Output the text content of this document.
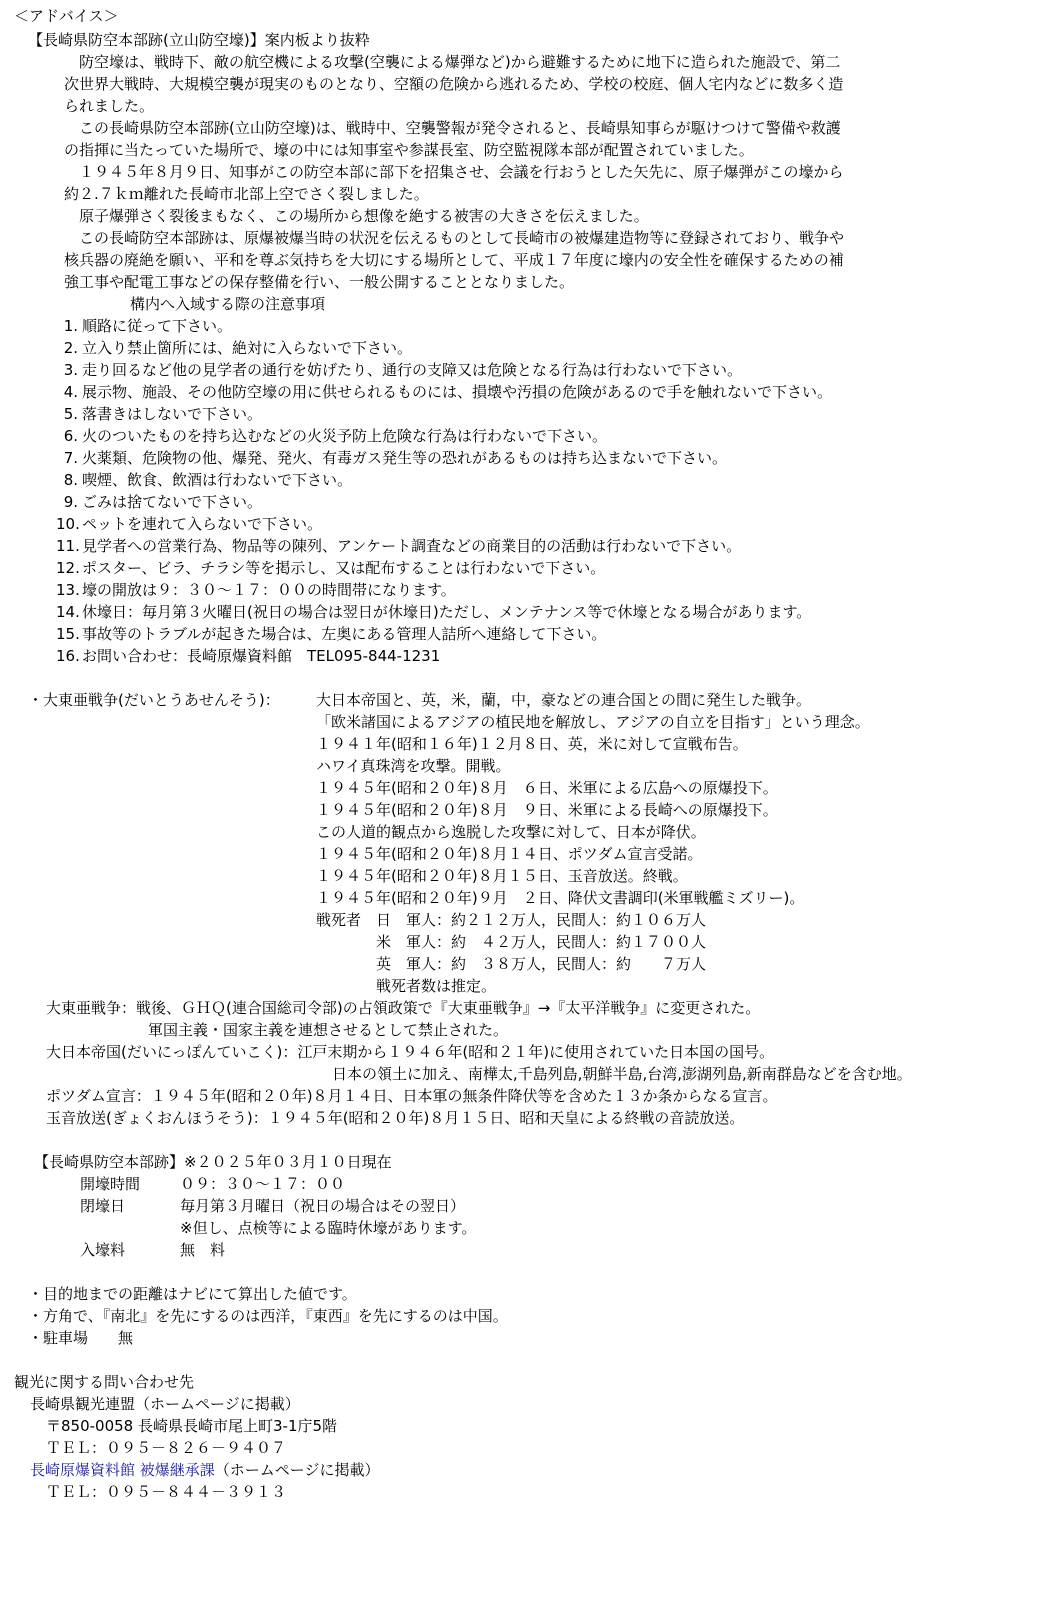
＜アドバイス＞
【長崎県防空本部跡(立山防空壕)】案内板より抜粋
　防空壕は、戦時下、敵の航空機による攻撃(空襲による爆弾など)から避難するために地下に造られた施設で、第二
次世界大戦時、大規模空襲が現実のものとなり、空額の危険から逃れるため、学校の校庭、個人宅内などに数多く造
られました。
　この長崎県防空本部跡(立山防空壕)は、戦時中、空襲警報が発令されると、長崎県知事らが駆けつけて警備や救護
の指揮に当たっていた場所で、壕の中には知事室や参謀長室、防空監視隊本部が配置されていました。
　１９４５年８月９日、知事がこの防空本部に部下を招集させ、会議を行おうとした矢先に、原子爆弾がこの壕から
約２.７ｋｍ離れた長崎市北部上空でさく裂しました。
　原子爆弾さく裂後まもなく、この場所から想像を絶する被害の大きさを伝えました。
　この長崎防空本部跡は、原爆被爆当時の状況を伝えるものとして長崎市の被爆建造物等に登録されており、戦争や
核兵器の廃絶を願い、平和を尊ぶ気持ちを大切にする場所として、平成１７年度に壕内の安全性を確保するための補
強工事や配電工事などの保存整備を行い、一般公開することとなりました。
構内へ入域する際の注意事項
1. 順路に従って下さい。
2. 立入り禁止箇所には、絶対に入らないで下さい。
3. 走り回るなど他の見学者の通行を妨げたり、通行の支障又は危険となる行為は行わないで下さい。
4. 展示物、施設、その他防空壕の用に供せられるものには、損壊や汚損の危険があるので手を触れないで下さい。
5. 落書きはしないで下さい。
6. 火のついたものを持ち込むなどの火災予防上危険な行為は行わないで下さい。
7. 火薬類、危険物の他、爆発、発火、有毒ガス発生等の恐れがあるものは持ち込まないで下さい。
8. 喫煙、飲食、飲酒は行わないで下さい。
9. ごみは捨てないで下さい。
10. ペットを連れて入らないで下さい。
11. 見学者への営業行為、物品等の陳列、アンケート調査などの商業目的の活動は行わないで下さい。
12. ポスター、ビラ、チラシ等を掲示し、又は配布することは行わないで下さい。
13. 壕の開放は９：３０～１７：００の時間帯になります。
14. 休壕日：毎月第３火曜日(祝日の場合は翌日が休壕日)ただし、メンテナンス等で休壕となる場合があります。
15. 事故等のトラブルが起きた場合は、左奥にある管理人詰所へ連絡して下さい。
16. お問い合わせ：長崎原爆資料館　TEL095-844-1231
・大東亜戦争(だいとうあせんそう)： 大日本帝国と、英，米，蘭，中，豪などの連合国との間に発生した戦争。
「欧米諸国によるアジアの植民地を解放し、アジアの自立を目指す」という理念。
１９４１年(昭和１６年)１２月８日、英，米に対して宣戦布告。
ハワイ真珠湾を攻撃。開戦。
１９４５年(昭和２０年)８月　６日、米軍による広島への原爆投下。
１９４５年(昭和２０年)８月　９日、米軍による長崎への原爆投下。
この人道的観点から逸脱した攻撃に対して、日本が降伏。
１９４５年(昭和２０年)８月１４日、ポツダム宣言受諾。
１９４５年(昭和２０年)８月１５日、玉音放送。終戦。
１９４５年(昭和２０年)９月　２日、降伏文書調印(米軍戦艦ミズリー)。
戦死者　日　軍人：約２１２万人，民間人：約１０６万人
　　　　米　軍人：約　４２万人，民間人：約１７００人
　　　　英　軍人：約　３８万人，民間人：約　　７万人
　　　　戦死者数は推定。
大東亜戦争：戦後、ＧＨＱ(連合国総司令部)の占領政策で『大東亜戦争』→『太平洋戦争』に変更された。
軍国主義・国家主義を連想させるとして禁止された。
大日本帝国(だいにっぽんていこく)：江戸末期から１９４６年(昭和２１年)に使用されていた日本国の国号。
日本の領土に加え、南樺太,千島列島,朝鮮半島,台湾,澎湖列島,新南群島などを含む地。
ポツダム宣言：１９４５年(昭和２０年)８月１４日、日本軍の無条件降伏等を含めた１３か条からなる宣言。
玉音放送(ぎょくおんほうそう)：１９４５年(昭和２０年)８月１５日、昭和天皇による終戦の音読放送。
【長崎県防空本部跡】※２０２５年０３月１０日現在
開壕時間	０９：３０～１７：００
閉壕日	毎月第３月曜日（祝日の場合はその翌日）
※但し、点検等による臨時休壕があります。
入壕料	無　料
・目的地までの距離はナビにて算出した値です。
・方角で、『南北』を先にするのは西洋，『東西』を先にするのは中国。
・駐車場　　無
観光に関する問い合わせ先
長崎県観光連盟（ホームページに掲載）
〒850-0058 長崎県長崎市尾上町3-1庁5階
ＴＥＬ：０９５－８２６－９４０７
長崎原爆資料館 被爆継承課（ホームページに掲載）
ＴＥＬ：０９５－８４４－３９１３
